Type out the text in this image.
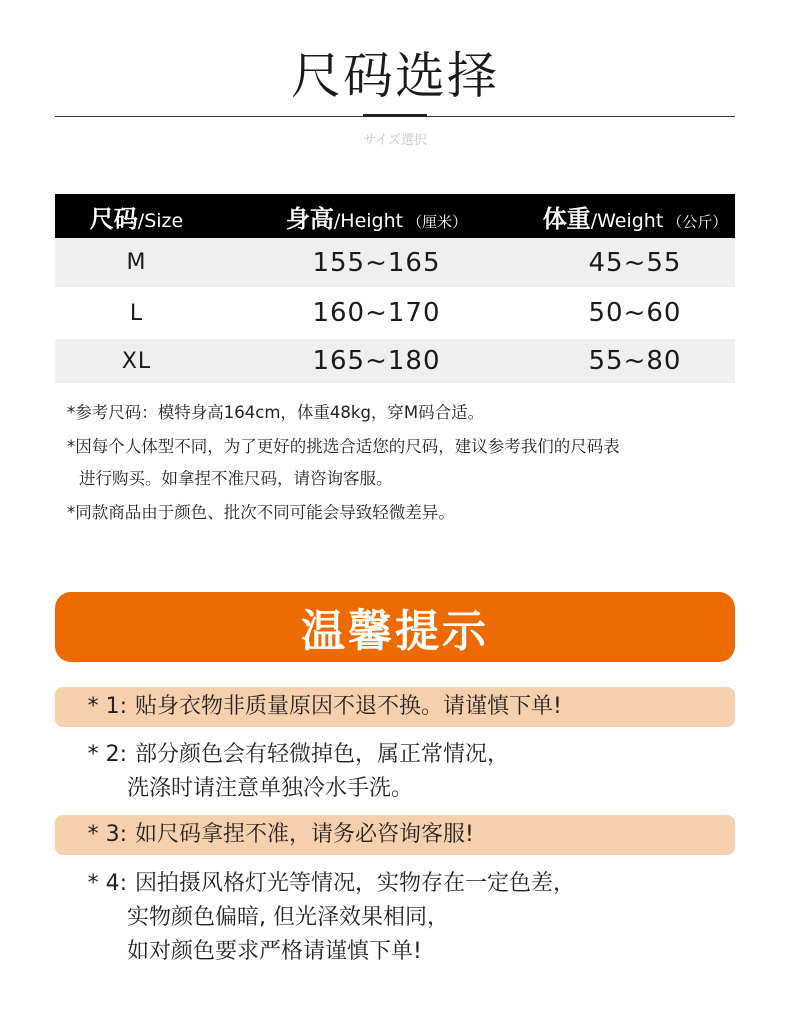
尺码选择
サイズ選択
尺码 /Size	身高 /Height （厘米）	体重 /Weight （公斤）
M	155~165	45~55
L	160~170	50~60
XL	165~180	55~80

*参考尺码：模特身高164cm，体重48kg，穿M码合适。

*因每个人体型不同，为了更好的挑选合适您的尺码，建议参考我们的尺码表

进行购买。如拿捏不准尺码，请咨询客服。

*同款商品由于颜色、批次不同可能会导致轻微差异。

温馨提示
* 1: 贴身衣物非质量原因不退不换。请谨慎下单!
* 2: 部分颜色会有轻微掉色，属正常情况，
洗涤时请注意单独冷水手洗。
* 3: 如尺码拿捏不准，请务必咨询客服!
* 4: 因拍摄风格灯光等情况，实物存在一定色差，
实物颜色偏暗, 但光泽效果相同，
如对颜色要求严格请谨慎下单!
